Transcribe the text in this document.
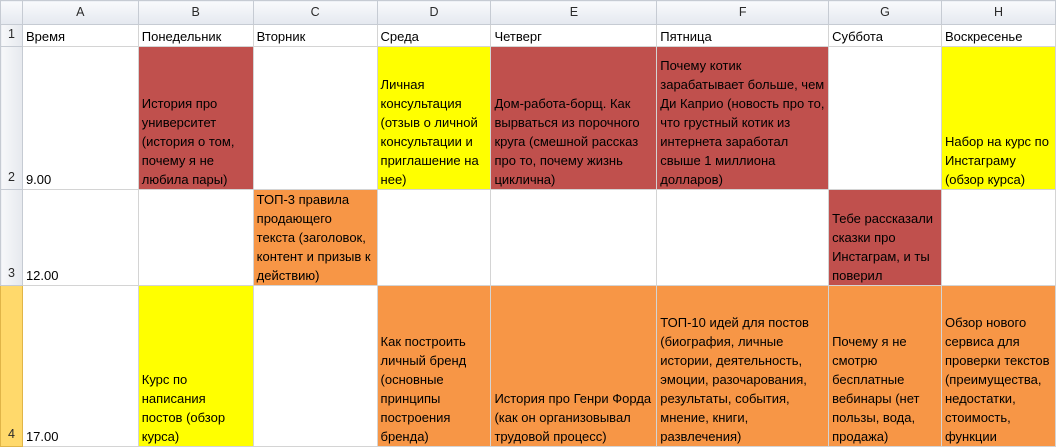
	A	B	C	D	E	F	G	H
1	Время	Понедельник	Вторник	Среда	Четверг	Пятница	Суббота	Воскресенье
2	9.00	История про университет (история о том, почему я не любила пары)		Личная консультация (отзыв о личной консультации и приглашение на нее)	Дом-работа-борщ. Как вырваться из порочного круга (смешной рассказ про то, почему жизнь циклична)	Почему котик зарабатывает больше, чем Ди Каприо (новость про то, что грустный котик из интернета заработал свыше 1 миллиона долларов)		Набор на курс по Инстаграму (обзор курса)
3	12.00		ТОП-3 правила продающего текста (заголовок, контент и призыв к действию)				Тебе рассказали сказки про Инстаграм, и ты поверил	
4	17.00	Курс по написания постов (обзор курса)		Как построить личный бренд (основные принципы построения бренда)	История про Генри Форда (как он организовывал трудовой процесс)	ТОП-10 идей для постов (биография, личные истории, деятельность, эмоции, разочарования, результаты, события, мнение, книги, развлечения)	Почему я не смотрю бесплатные вебинары (нет пользы, вода, продажа)	Обзор нового сервиса для проверки текстов (преимущества, недостатки, стоимость, функции
